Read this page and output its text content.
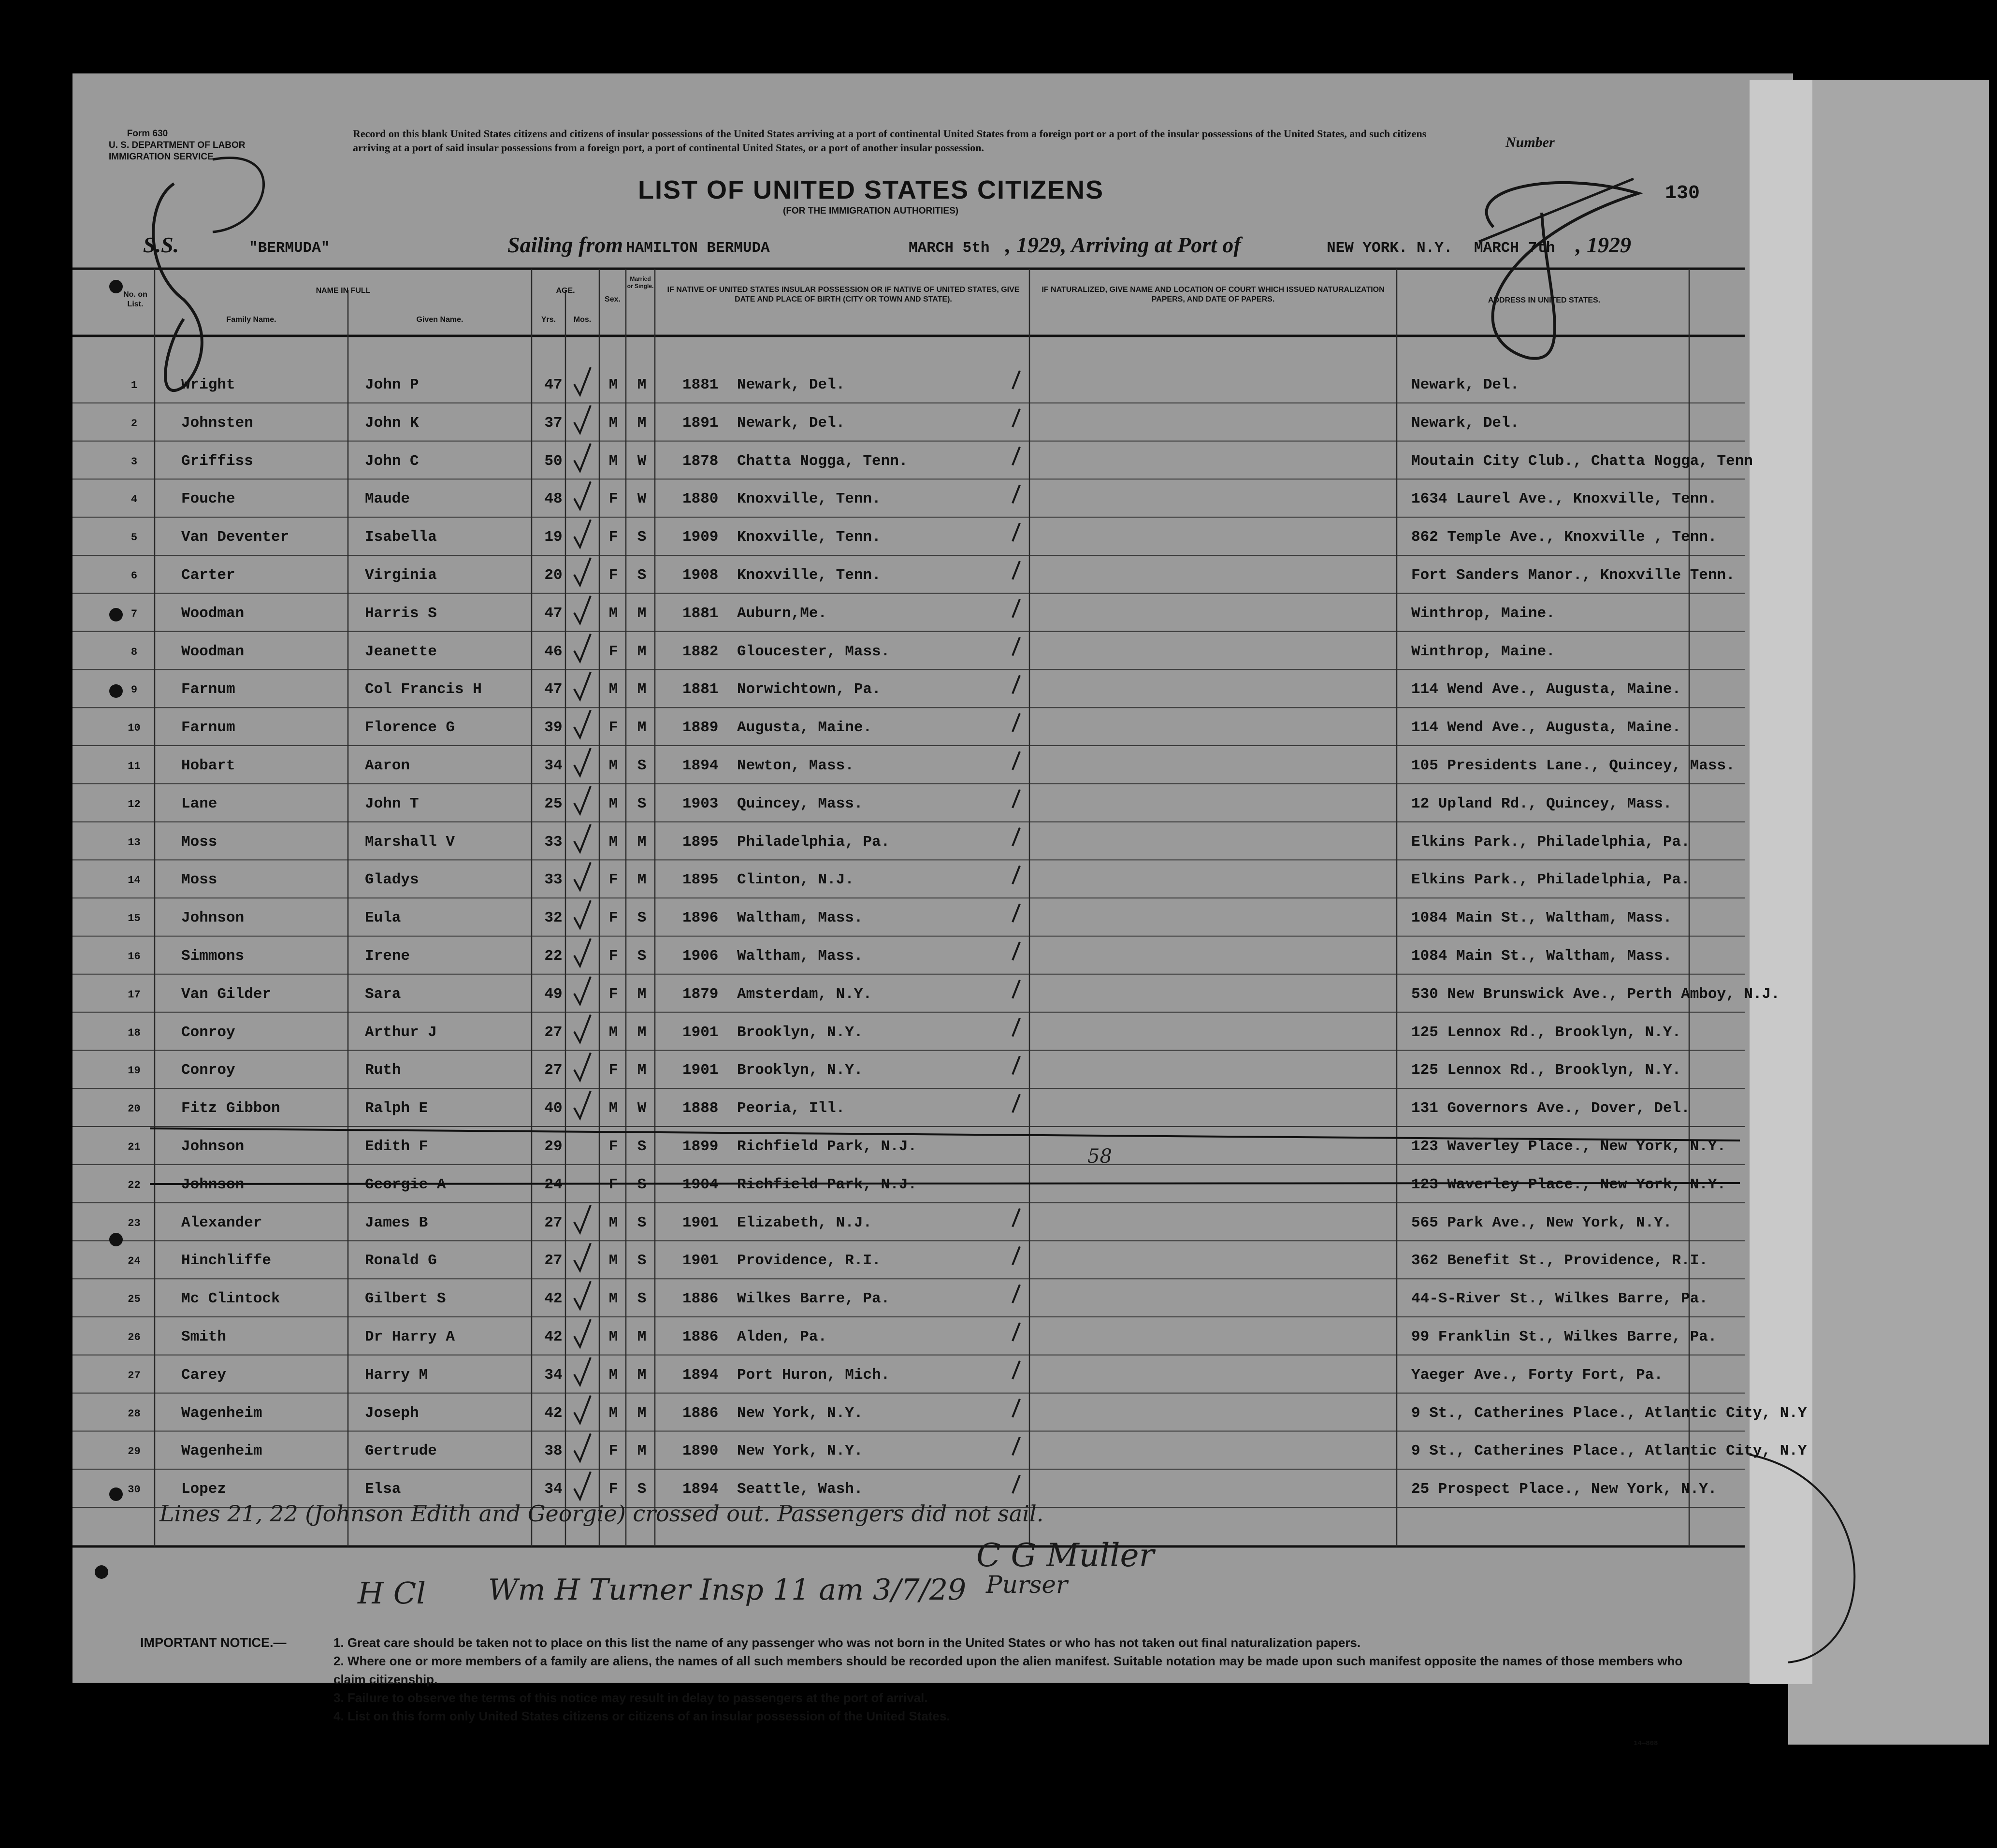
Form 630
U. S. DEPARTMENT OF LABOR
IMMIGRATION SERVICE
Record on this blank United States citizens and citizens of insular possessions of the United States arriving at a port of continental United States from a foreign port or a port of the insular possessions of the United States, and such citizens arriving at a port of said insular possessions from a foreign port, a port of continental United States, or a port of another insular possession.	Number
LIST OF UNITED STATES CITIZENS
(FOR THE IMMIGRATION AUTHORITIES)
130
S.S.	"BERMUDA"	Sailing from HAMILTON BERMUDA	MARCH 5th , 1929, Arriving at Port of	NEW YORK. N.Y. MARCH 7th , 1929
No. on List.
NAME IN FULL
Family Name.	Given Name.
AGE.
Yrs.	Mos.
Sex.
Married or Single.	IF NATIVE OF UNITED STATES INSULAR POSSESSION OR IF NATIVE OF UNITED STATES, GIVE DATE AND PLACE OF BIRTH (CITY OR TOWN AND STATE).
IF NATURALIZED, GIVE NAME AND LOCATION OF COURT WHICH ISSUED NATURALIZATION PAPERS, AND DATE OF PAPERS.	ADDRESS IN UNITED STATES.
1	Wright	John P	47	M	M	1881 Newark, Del.	Newark, Del.
2	Johnsten	John K	37	M	M	1891 Newark, Del.	Newark, Del.
3	Griffiss	John C	50	M	W	1878 Chatta Nogga, Tenn.	Moutain City Club., Chatta Nogga, Tenn
4	Fouche	Maude	48	F	W	1880 Knoxville, Tenn.	1634 Laurel Ave., Knoxville, Tenn.
5	Van Deventer	Isabella	19	F	S	1909 Knoxville, Tenn.	862 Temple Ave., Knoxville , Tenn.
6	Carter	Virginia	20	F	S	1908 Knoxville, Tenn.	Fort Sanders Manor., Knoxville Tenn.
7	Woodman	Harris S	47	M	M	1881 Auburn,Me.	Winthrop, Maine.
8	Woodman	Jeanette	46	F	M	1882 Gloucester, Mass.	Winthrop, Maine.
9	Farnum	Col Francis H	47	M	M	1881 Norwichtown, Pa.	114 Wend Ave., Augusta, Maine.
10	Farnum	Florence G	39	F	M	1889 Augusta, Maine.	114 Wend Ave., Augusta, Maine.
11	Hobart	Aaron	34	M	S	1894 Newton, Mass.	105 Presidents Lane., Quincey, Mass.
12	Lane	John T	25	M	S	1903 Quincey, Mass.	12 Upland Rd., Quincey, Mass.
13	Moss	Marshall V	33	M	M	1895 Philadelphia, Pa.	Elkins Park., Philadelphia, Pa.
14	Moss	Gladys	33	F	M	1895 Clinton, N.J.	Elkins Park., Philadelphia, Pa.
15	Johnson	Eula	32	F	S	1896 Waltham, Mass.	1084 Main St., Waltham, Mass.
16	Simmons	Irene	22	F	S	1906 Waltham, Mass.	1084 Main St., Waltham, Mass.
17	Van Gilder	Sara	49	F	M	1879 Amsterdam, N.Y.	530 New Brunswick Ave., Perth Amboy, N.J.
18	Conroy	Arthur J	27	M	M	1901 Brooklyn, N.Y.	125 Lennox Rd., Brooklyn, N.Y.
19	Conroy	Ruth	27	F	M	1901 Brooklyn, N.Y.	125 Lennox Rd., Brooklyn, N.Y.
20	Fitz Gibbon	Ralph E	40	M	W	1888 Peoria, Ill.	131 Governors Ave., Dover, Del.
21	Johnson	Edith F	29	F	S	1899 Richfield Park, N.J.	123 Waverley Place., New York, N.Y.
22	Johnson	Georgie A	24	F	S	1904 Richfield Park, N.J.	123 Waverley Place., New York, N.Y.
23	Alexander	James B	27	M	S	1901 Elizabeth, N.J.	565 Park Ave., New York, N.Y.
24	Hinchliffe	Ronald G	27	M	S	1901 Providence, R.I.	362 Benefit St., Providence, R.I.
25	Mc Clintock	Gilbert S	42	M	S	1886 Wilkes Barre, Pa.	44-S-River St., Wilkes Barre, Pa.
26	Smith	Dr Harry A	42	M	M	1886 Alden, Pa.	99 Franklin St., Wilkes Barre, Pa.
27	Carey	Harry M	34	M	M	1894 Port Huron, Mich.	Yaeger Ave., Forty Fort, Pa.
28	Wagenheim	Joseph	42	M	M	1886 New York, N.Y.	9 St., Catherines Place., Atlantic City, N.Y
29	Wagenheim	Gertrude	38	F	M	1890 New York, N.Y.	9 St., Catherines Place., Atlantic City, N.Y
30	Lopez	Elsa	34	F	S	1894 Seattle, Wash.	25 Prospect Place., New York, N.Y.
Lines 21, 22 (Johnson Edith and Georgie) crossed out. Passengers did not sail.
58
H Cl Wm H Turner Insp 11 am 3/7/29
C G Muller
Purser
IMPORTANT NOTICE.—	1. Great care should be taken not to place on this list the name of any passenger who was not born in the United States or who has not taken out final naturalization papers.
2. Where one or more members of a family are aliens, the names of all such members should be recorded upon the alien manifest. Suitable notation may be made upon such manifest opposite the names of those members who claim citizenship.
3. Failure to observe the terms of this notice may result in delay to passengers at the port of arrival.
4. List on this form only United States citizens or citizens of an insular possession of the United States.
14—808
